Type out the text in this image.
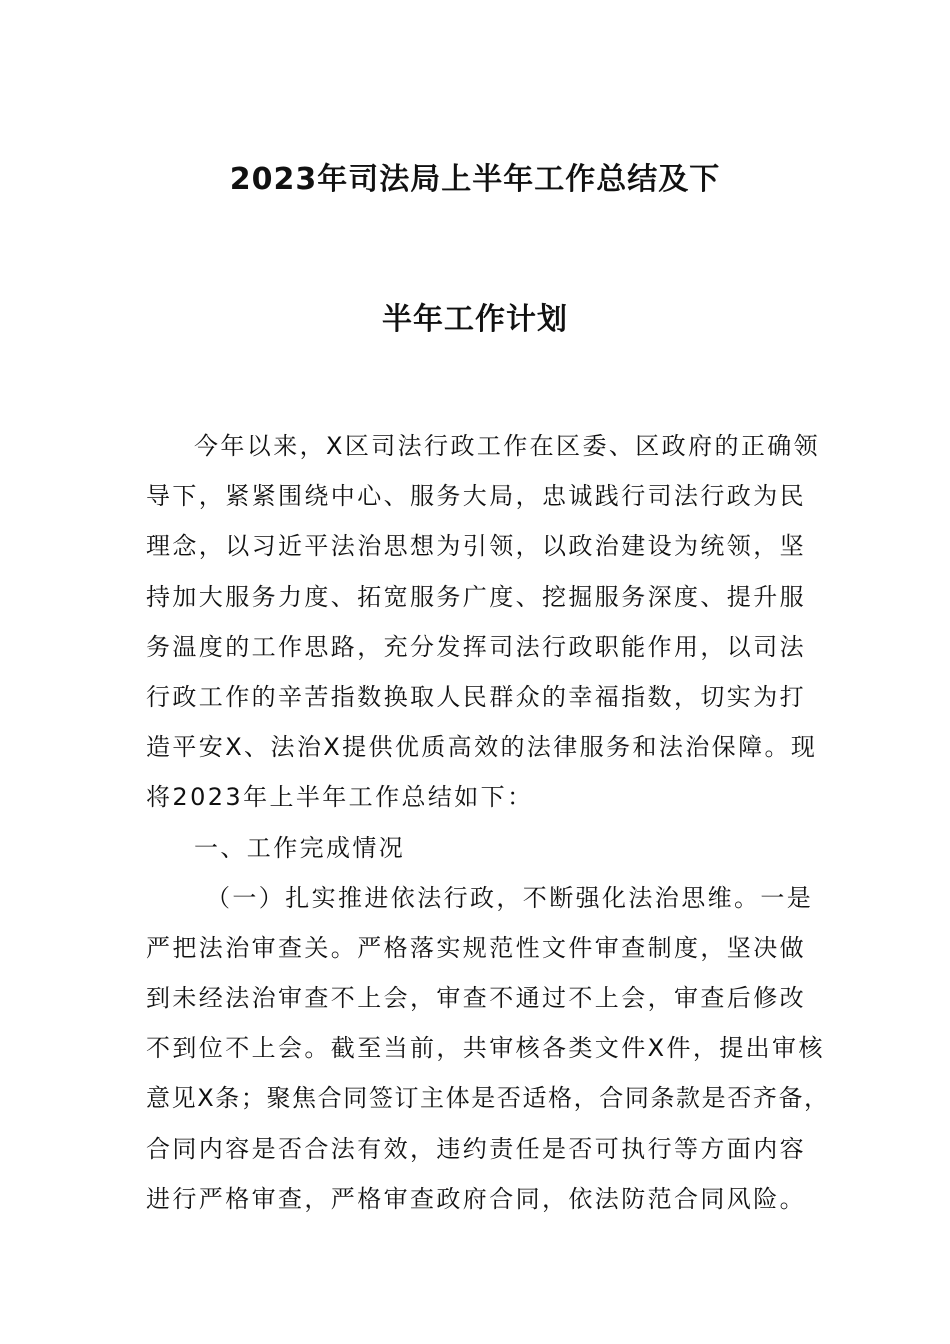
2023年司法局上半年工作总结及下
半年工作计划
今年以来，X区司法行政工作在区委、区政府的正确领
导下，紧紧围绕中心、服务大局，忠诚践行司法行政为民
理念，以习近平法治思想为引领，以政治建设为统领，坚
持加大服务力度、拓宽服务广度、挖掘服务深度、提升服
务温度的工作思路，充分发挥司法行政职能作用，以司法
行政工作的辛苦指数换取人民群众的幸福指数，切实为打
造平安X、法治X提供优质高效的法律服务和法治保障。现
将2023年上半年工作总结如下：
一、工作完成情况
（一）扎实推进依法行政，不断强化法治思维。一是
严把法治审查关。严格落实规范性文件审查制度，坚决做
到未经法治审查不上会，审查不通过不上会，审查后修改
不到位不上会。截至当前，共审核各类文件X件，提出审核
意见X条；聚焦合同签订主体是否适格，合同条款是否齐备，
合同内容是否合法有效，违约责任是否可执行等方面内容
进行严格审查，严格审查政府合同，依法防范合同风险。
